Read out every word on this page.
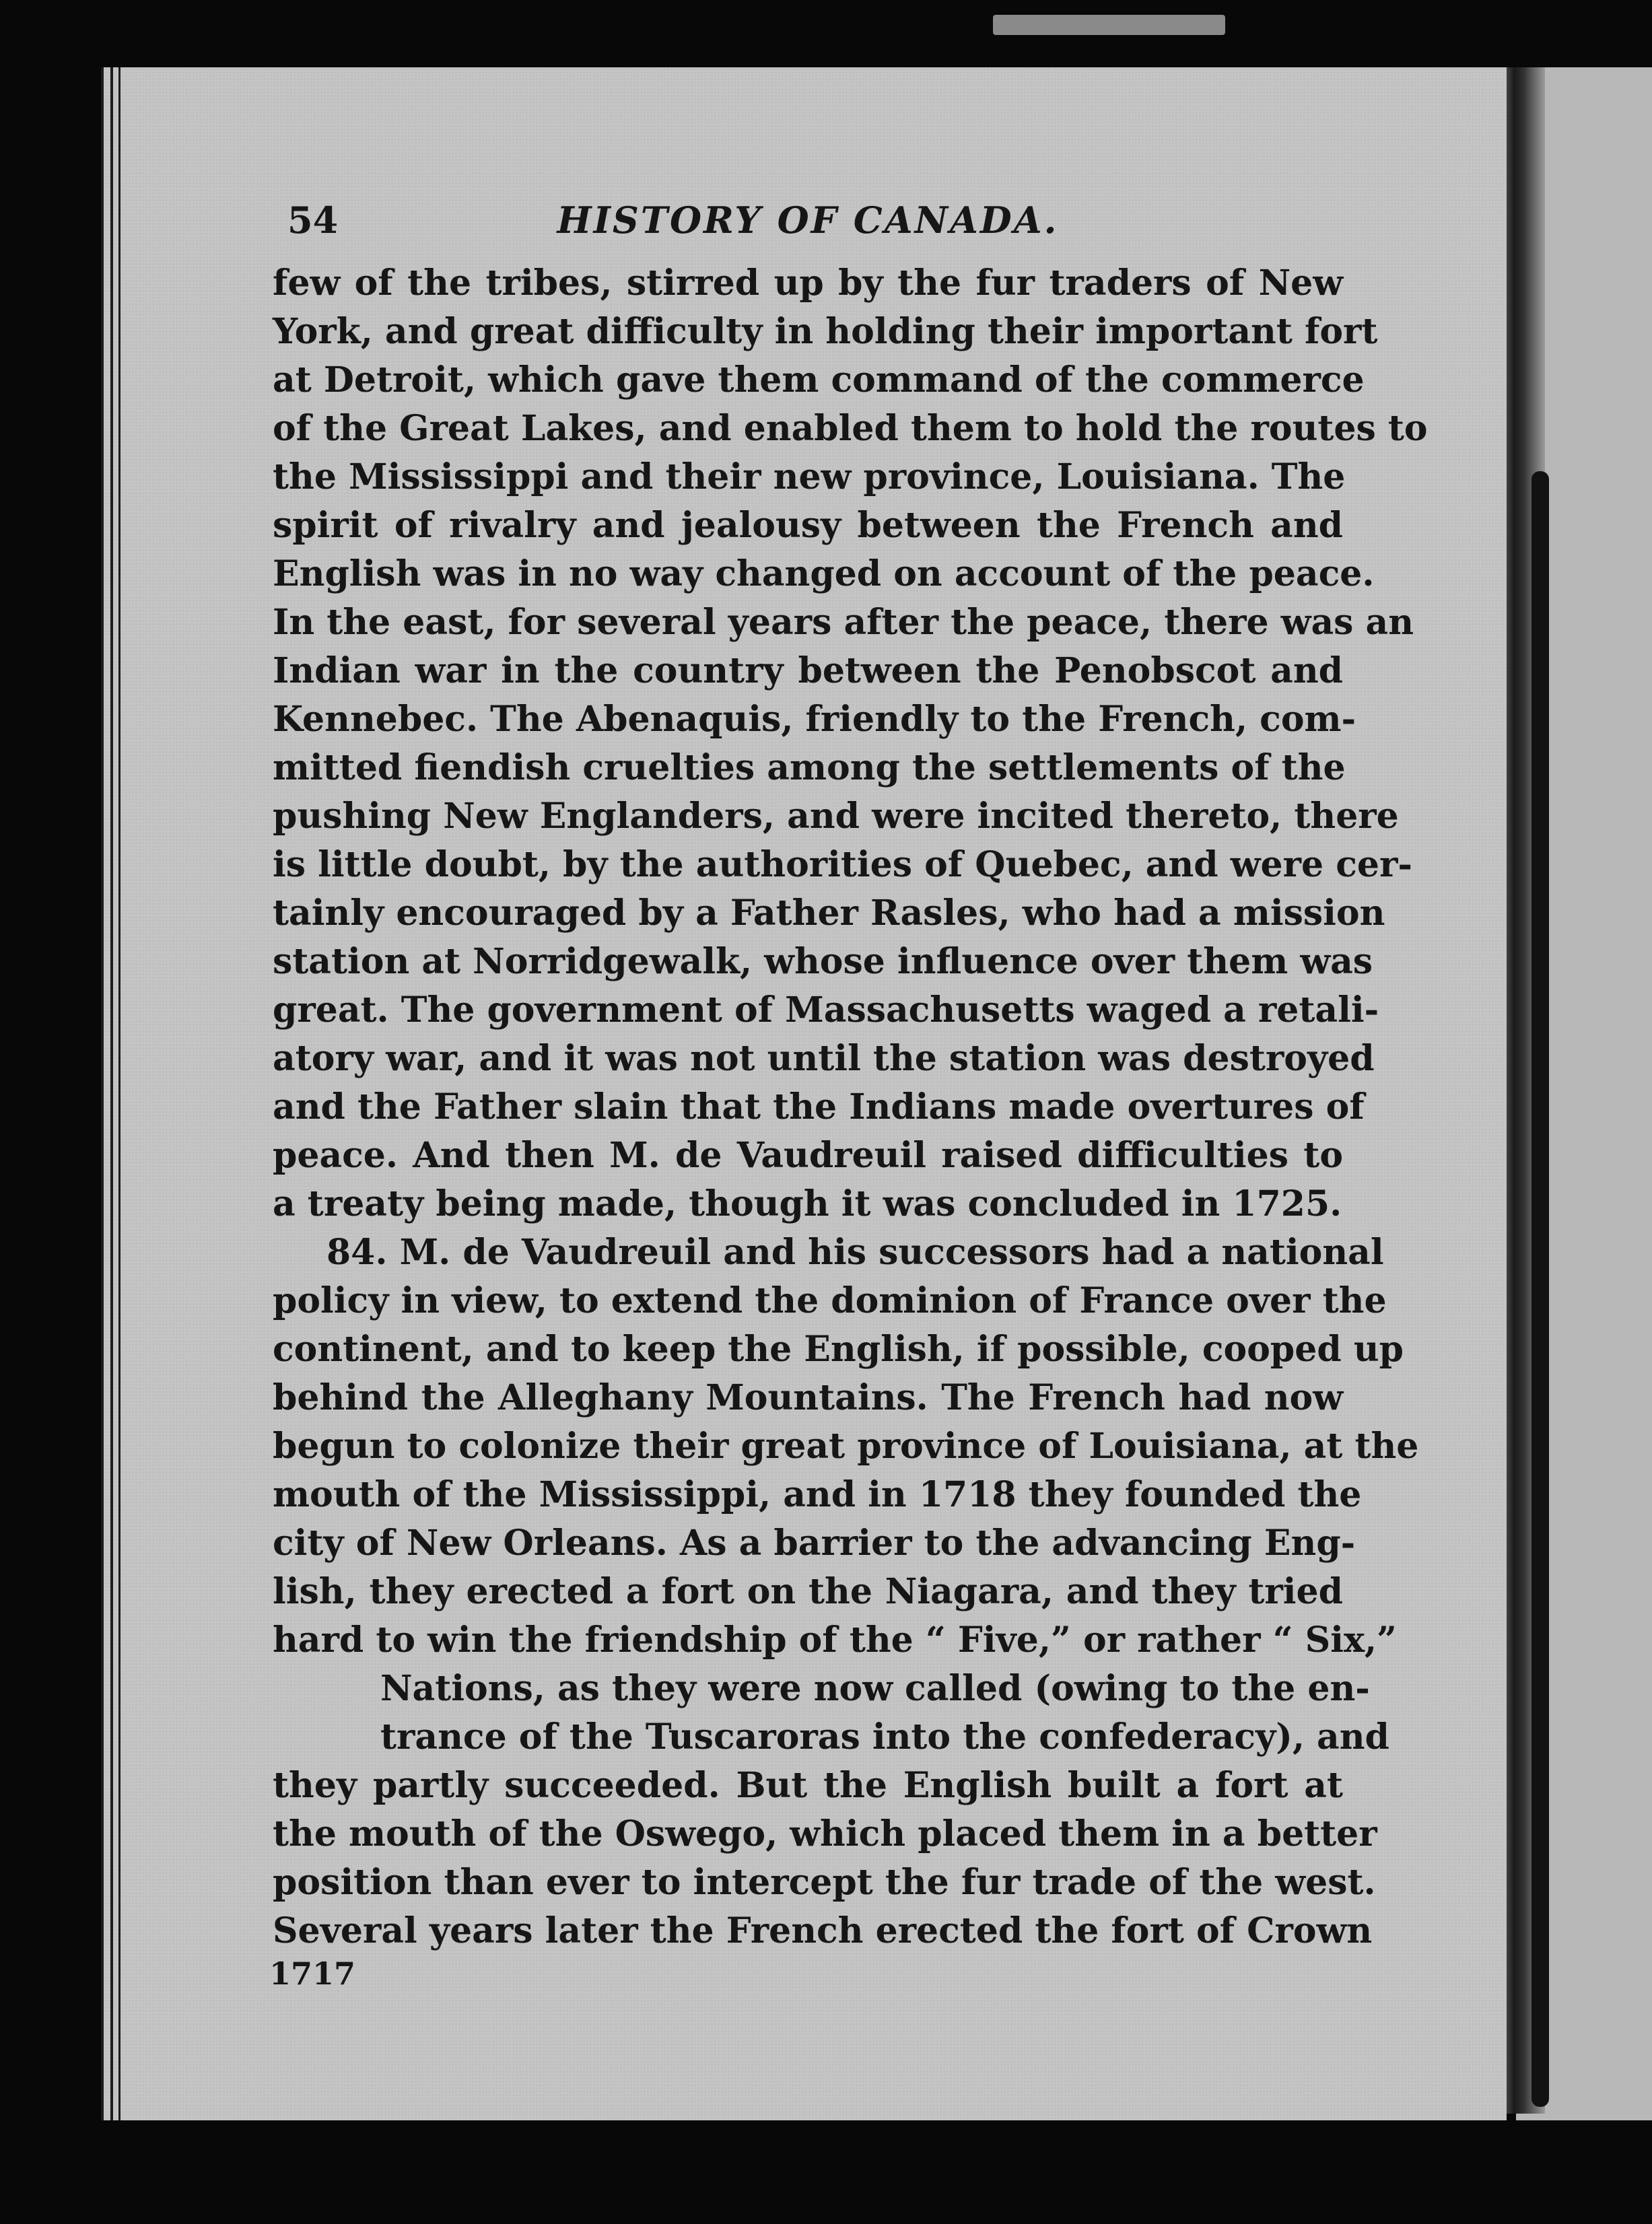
54	HISTORY OF CANADA.
1717
few of the tribes, stirred up by the fur traders of New
York, and great difficulty in holding their important fort
at Detroit, which gave them command of the commerce
of the Great Lakes, and enabled them to hold the routes to
the Mississippi and their new province, Louisiana. The
spirit of rivalry and jealousy between the French and
English was in no way changed on account of the peace.
In the east, for several years after the peace, there was an
Indian war in the country between the Penobscot and
Kennebec. The Abenaquis, friendly to the French, com-
mitted fiendish cruelties among the settlements of the
pushing New Englanders, and were incited thereto, there
is little doubt, by the authorities of Quebec, and were cer-
tainly encouraged by a Father Rasles, who had a mission
station at Norridgewalk, whose influence over them was
great. The government of Massachusetts waged a retali-
atory war, and it was not until the station was destroyed
and the Father slain that the Indians made overtures of
peace. And then M. de Vaudreuil raised difficulties to
a treaty being made, though it was concluded in 1725.
84. M. de Vaudreuil and his successors had a national
policy in view, to extend the dominion of France over the
continent, and to keep the English, if possible, cooped up
behind the Alleghany Mountains. The French had now
begun to colonize their great province of Louisiana, at the
mouth of the Mississippi, and in 1718 they founded the
city of New Orleans. As a barrier to the advancing Eng-
lish, they erected a fort on the Niagara, and they tried
hard to win the friendship of the “ Five,” or rather “ Six,”
Nations, as they were now called (owing to the en-
trance of the Tuscaroras into the confederacy), and
they partly succeeded. But the English built a fort at
the mouth of the Oswego, which placed them in a better
position than ever to intercept the fur trade of the west.
Several years later the French erected the fort of Crown
